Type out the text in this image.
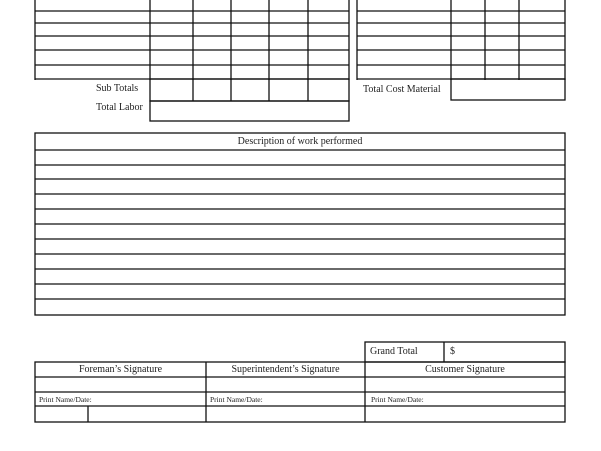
Sub Totals
Total Labor
Total Cost Material
Description of work performed
Grand Total	$
Foreman’s Signature	Superintendent’s Signature	Customer Signature
Print Name/Date:	Print Name/Date:	Print Name/Date:
